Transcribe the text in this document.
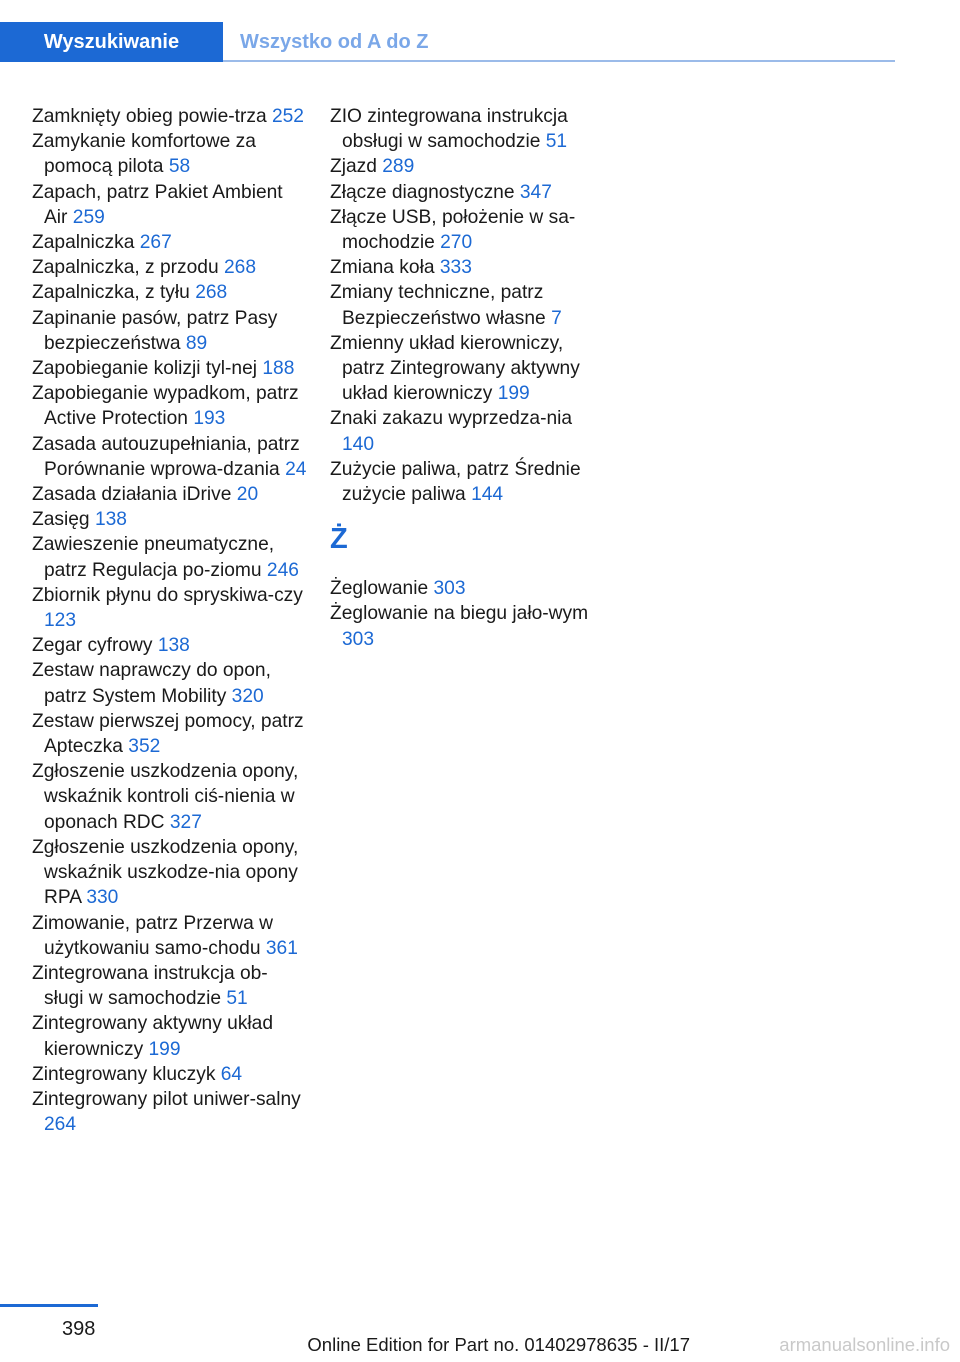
Wyszukiwanie	Wszystko od A do Z
Zamknięty obieg powie-trza 252
Zamykanie komfortowe za pomocą pilota 58
Zapach, patrz Pakiet Ambient Air 259
Zapalniczka 267
Zapalniczka, z przodu 268
Zapalniczka, z tyłu 268
Zapinanie pasów, patrz Pasy bezpieczeństwa 89
Zapobieganie kolizji tyl-nej 188
Zapobieganie wypadkom, patrz Active Protection 193
Zasada autouzupełniania, patrz Porównanie wprowa-dzania 24
Zasada działania iDrive 20
Zasięg 138
Zawieszenie pneumatyczne, patrz Regulacja po-ziomu 246
Zbiornik płynu do spryskiwa-czy 123
Zegar cyfrowy 138
Zestaw naprawczy do opon, patrz System Mobility 320
Zestaw pierwszej pomocy, patrz Apteczka 352
Zgłoszenie uszkodzenia opony, wskaźnik kontroli ciś-nienia w oponach RDC 327
Zgłoszenie uszkodzenia opony, wskaźnik uszkodze-nia opony RPA 330
Zimowanie, patrz Przerwa w użytkowaniu samo-chodu 361
Zintegrowana instrukcja ob-sługi w samochodzie 51
Zintegrowany aktywny układ kierowniczy 199
Zintegrowany kluczyk 64
Zintegrowany pilot uniwer-salny 264
ZIO zintegrowana instrukcja obsługi w samochodzie 51
Zjazd 289
Złącze diagnostyczne 347
Złącze USB, położenie w sa-mochodzie 270
Zmiana koła 333
Zmiany techniczne, patrz Bezpieczeństwo własne 7
Zmienny układ kierowniczy, patrz Zintegrowany aktywny układ kierowniczy 199
Znaki zakazu wyprzedza-nia 140
Zużycie paliwa, patrz Średnie zużycie paliwa 144
Ż
Żeglowanie 303
Żeglowanie na biegu jało-wym 303
398
Online Edition for Part no. 01402978635 - II/17	armanualsonline.info
